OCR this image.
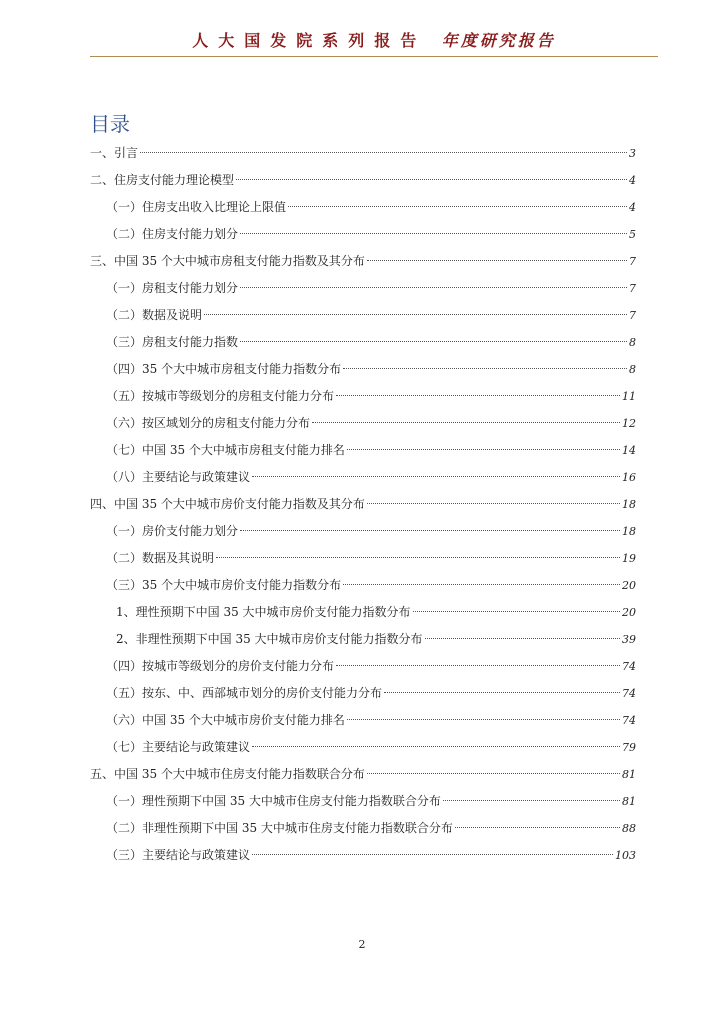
人大国发院系列报告 年度研究报告
目录
一、引言	3
二、住房支付能力理论模型	4
（一）住房支出收入比理论上限值	4
（二）住房支付能力划分	5
三、中国 35 个大中城市房租支付能力指数及其分布	7
（一）房租支付能力划分	7
（二）数据及说明	7
（三）房租支付能力指数	8
（四）35 个大中城市房租支付能力指数分布	8
（五）按城市等级划分的房租支付能力分布	11
（六）按区域划分的房租支付能力分布	12
（七）中国 35 个大中城市房租支付能力排名	14
（八）主要结论与政策建议	16
四、中国 35 个大中城市房价支付能力指数及其分布	18
（一）房价支付能力划分	18
（二）数据及其说明	19
（三）35 个大中城市房价支付能力指数分布	20
1、理性预期下中国 35 大中城市房价支付能力指数分布	20
2、非理性预期下中国 35 大中城市房价支付能力指数分布	39
（四）按城市等级划分的房价支付能力分布	74
（五）按东、中、西部城市划分的房价支付能力分布	74
（六）中国 35 个大中城市房价支付能力排名	74
（七）主要结论与政策建议	79
五、中国 35 个大中城市住房支付能力指数联合分布	81
（一）理性预期下中国 35 大中城市住房支付能力指数联合分布	81
（二）非理性预期下中国 35 大中城市住房支付能力指数联合分布	88
（三）主要结论与政策建议	103
2
